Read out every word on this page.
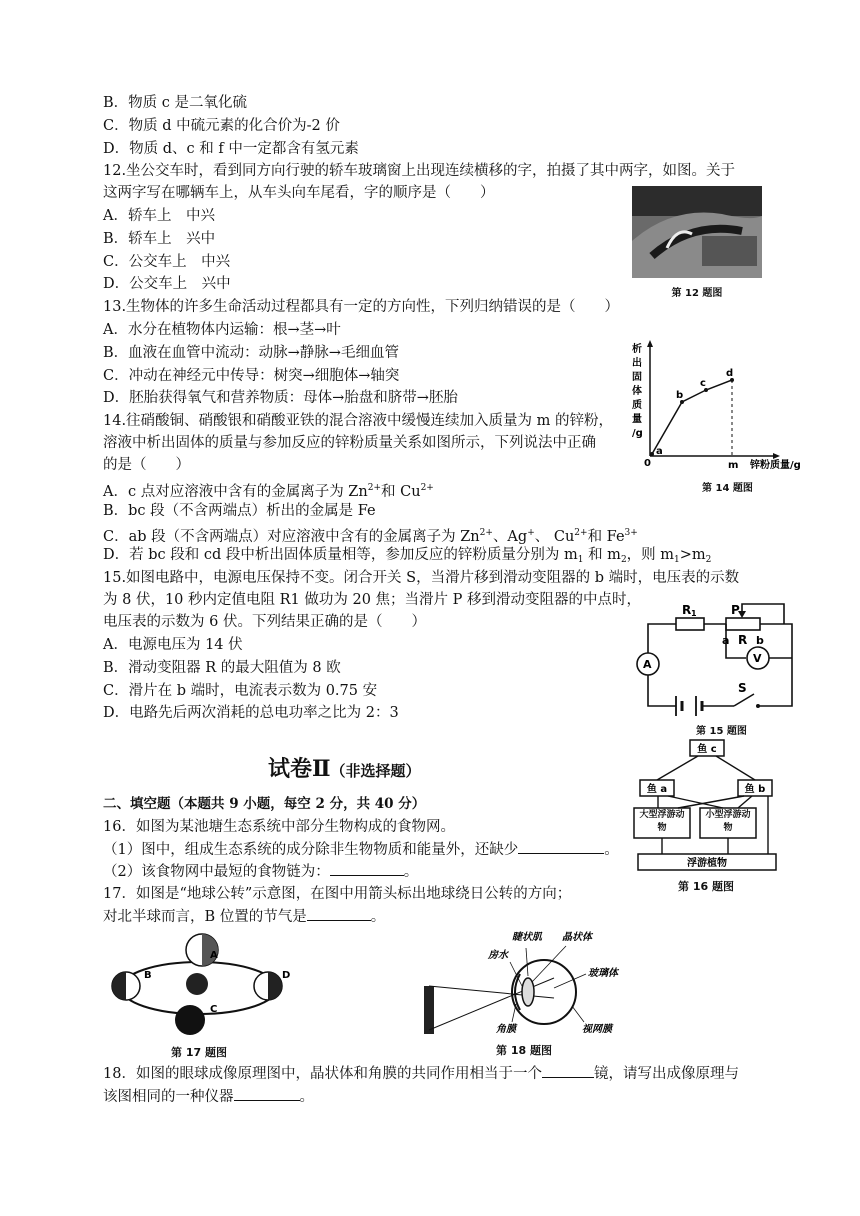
B．物质 c 是二氧化硫
C．物质 d 中硫元素的化合价为-2 价
D．物质 d、c 和 f 中一定都含有氢元素
12.坐公交车时，看到同方向行驶的轿车玻璃窗上出现连续横移的字，拍摄了其中两字，如图。关于
这两字写在哪辆车上，从车头向车尾看，字的顺序是（　　）
A．轿车上　中兴
B．轿车上　兴中
C．公交车上　中兴
D．公交车上　兴中
第 12 题图
13.生物体的许多生命活动过程都具有一定的方向性，下列归纳错误的是（　　）
A．水分在植物体内运输：根→茎→叶
B．血液在血管中流动：动脉→静脉→毛细血管
C．冲动在神经元中传导：树突→细胞体→轴突
D．胚胎获得氧气和营养物质：母体→胎盘和脐带→胚胎
析
出
固
体
质
量
/g
a
b
c
d
0	m 锌粉质量/g
第 14 题图
14.往硝酸铜、硝酸银和硝酸亚铁的混合溶液中缓慢连续加入质量为 m 的锌粉，
溶液中析出固体的质量与参加反应的锌粉质量关系如图所示，下列说法中正确
的是（　　）
A．c 点对应溶液中含有的金属离子为 $Zn^{2+}$和 $Cu^{2+}$
B．bc 段（不含两端点）析出的金属是 Fe
C．ab 段（不含两端点）对应溶液中含有的金属离子为 $Zn^{2+}$、Ag+、 $Cu^{2+}$和 $Fe^{3+}$
D．若 bc 段和 cd 段中析出固体质量相等，参加反应的锌粉质量分别为 $m_1$ 和 $m_2$，则 $m_1>m_2$
15.如图电路中，电源电压保持不变。闭合开关 S，当滑片移到滑动变阻器的 b 端时，电压表的示数
为 8 伏，10 秒内定值电阻 R1 做功为 20 焦；当滑片 P 移到滑动变阻器的中点时，
电压表的示数为 6 伏。下列结果正确的是（　　）
A．电源电压为 14 伏
B．滑动变阻器 R 的最大阻值为 8 欧
C．滑片在 b 端时，电流表示数为 0.75 安
D．电路先后两次消耗的总电功率之比为 2：3
R 1	P
a R b
A	V
S
第 15 题图
试卷Ⅱ（非选择题）
二、填空题（本题共 9 小题，每空 2 分，共 40 分）
16．如图为某池塘生态系统中部分生物构成的食物网。
（1）图中，组成生态系统的成分除非生物物质和能量外，还缺少	。
（2）该食物网中最短的食物链为：	。
鱼 c
鱼 a	鱼 b
大型浮游动物
小型浮游动物
浮游植物
第 16 题图
17．如图是“地球公转”示意图，在图中用箭头标出地球绕日公转的方向；
对北半球而言，B 位置的节气是	。
A
B
C
D
第 17 题图
睫状肌 晶状体
房水
玻璃体
角膜	视网膜
第 18 题图
18．如图的眼球成像原理图中，晶状体和角膜的共同作用相当于一个	镜，请写出成像原理与
该图相同的一种仪器	。
